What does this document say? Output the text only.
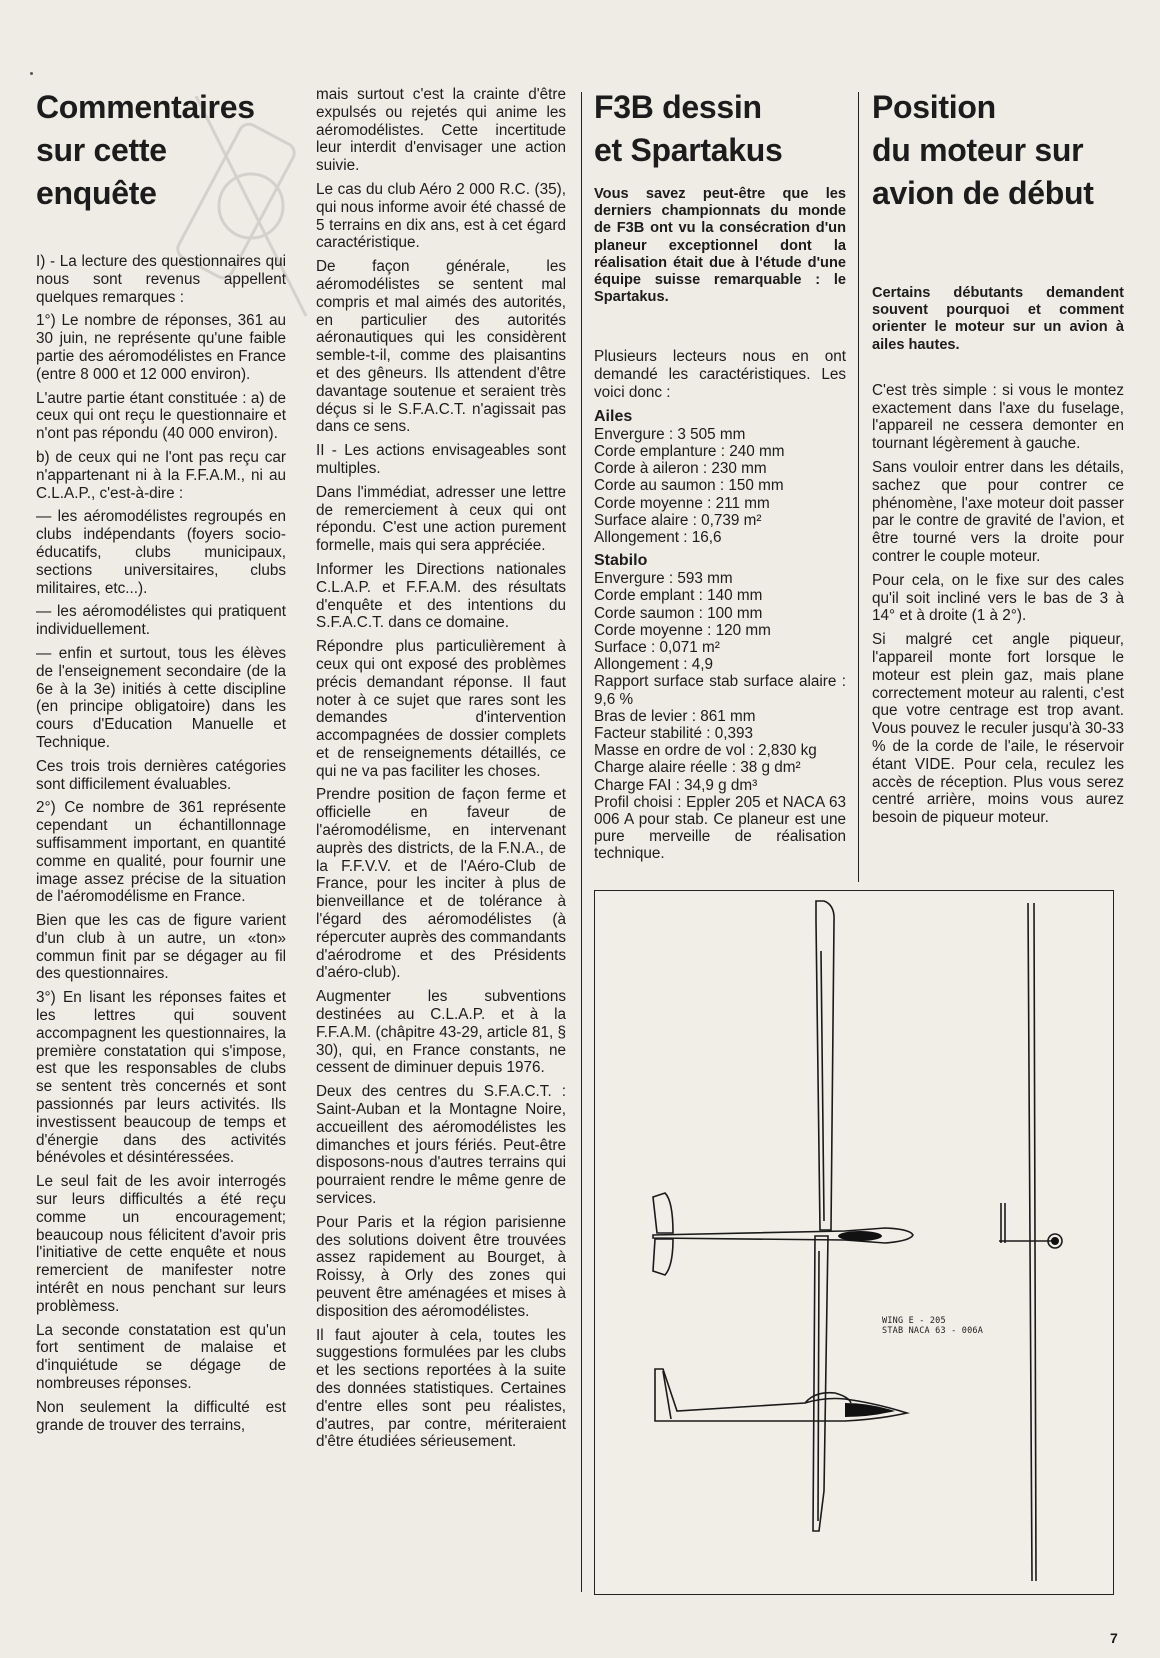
Commentaires
sur cette
enquête

I) - La lecture des questionnaires qui nous sont revenus appellent quelques remarques :

1°) Le nombre de réponses, 361 au 30 juin, ne représente qu'une faible partie des aéromodélistes en France (entre 8 000 et 12 000 environ).

L'autre partie étant constituée : a) de ceux qui ont reçu le questionnaire et n'ont pas répondu (40 000 environ).

b) de ceux qui ne l'ont pas reçu car n'appartenant ni à la F.F.A.M., ni au C.L.A.P., c'est-à-dire :

— les aéromodélistes regroupés en clubs indépendants (foyers socio-éducatifs, clubs municipaux, sections universitaires, clubs militaires, etc...).

— les aéromodélistes qui pratiquent individuellement.

— enfin et surtout, tous les élèves de l'enseignement secondaire (de la 6e à la 3e) initiés à cette discipline (en principe obligatoire) dans les cours d'Education Manuelle et Technique.

Ces trois trois dernières catégories sont difficilement évaluables.

2°) Ce nombre de 361 représente cependant un échantillonnage suffisamment important, en quantité comme en qualité, pour fournir une image assez précise de la situation de l'aéromodélisme en France.

Bien que les cas de figure varient d'un club à un autre, un «ton» commun finit par se dégager au fil des questionnaires.

3°) En lisant les réponses faites et les lettres qui souvent accompagnent les questionnaires, la première constatation qui s'impose, est que les responsables de clubs se sentent très concernés et sont passionnés par leurs activités. Ils investissent beaucoup de temps et d'énergie dans des activités bénévoles et désintéressées.

Le seul fait de les avoir interrogés sur leurs difficultés a été reçu comme un encouragement; beaucoup nous félicitent d'avoir pris l'initiative de cette enquête et nous remercient de manifester notre intérêt en nous penchant sur leurs problèmess.

La seconde constatation est qu'un fort sentiment de malaise et d'inquiétude se dégage de nombreuses réponses.

Non seulement la difficulté est grande de trouver des terrains,

mais surtout c'est la crainte d'être expulsés ou rejetés qui anime les aéromodélistes. Cette incertitude leur interdit d'envisager une action suivie.

Le cas du club Aéro 2 000 R.C. (35), qui nous informe avoir été chassé de 5 terrains en dix ans, est à cet égard caractéristique.

De façon générale, les aéromodélistes se sentent mal compris et mal aimés des autorités, en particulier des autorités aéronautiques qui les considèrent semble-t-il, comme des plaisantins et des gêneurs. Ils attendent d'être davantage soutenue et seraient très déçus si le S.F.A.C.T. n'agissait pas dans ce sens.

II - Les actions envisageables sont multiples.

Dans l'immédiat, adresser une lettre de remerciement à ceux qui ont répondu. C'est une action purement formelle, mais qui sera appréciée.

Informer les Directions nationales C.L.A.P. et F.F.A.M. des résultats d'enquête et des intentions du S.F.A.C.T. dans ce domaine.

Répondre plus particulièrement à ceux qui ont exposé des problèmes précis demandant réponse. Il faut noter à ce sujet que rares sont les demandes d'intervention accompagnées de dossier complets et de renseignements détaillés, ce qui ne va pas faciliter les choses.

Prendre position de façon ferme et officielle en faveur de l'aéromodélisme, en intervenant auprès des districts, de la F.N.A., de la F.F.V.V. et de l'Aéro-Club de France, pour les inciter à plus de bienveillance et de tolérance à l'égard des aéromodélistes (à répercuter auprès des commandants d'aérodrome et des Présidents d'aéro-club).

Augmenter les subventions destinées au C.L.A.P. et à la F.F.A.M. (châpitre 43-29, article 81, § 30), qui, en France constants, ne cessent de diminuer depuis 1976.

Deux des centres du S.F.A.C.T. : Saint-Auban et la Montagne Noire, accueillent des aéromodélistes les dimanches et jours fériés. Peut-être disposons-nous d'autres terrains qui pourraient rendre le même genre de services.

Pour Paris et la région parisienne des solutions doivent être trouvées assez rapidement au Bourget, à Roissy, à Orly des zones qui peuvent être aménagées et mises à disposition des aéromodélistes.

Il faut ajouter à cela, toutes les suggestions formulées par les clubs et les sections reportées à la suite des données statistiques. Certaines d'entre elles sont peu réalistes, d'autres, par contre, mériteraient d'être étudiées sérieusement.

F3B dessin
et Spartakus

Vous savez peut-être que les derniers championnats du monde de F3B ont vu la consécration d'un planeur exceptionnel dont la réalisation était due à l'étude d'une équipe suisse remarquable : le Spartakus.

Plusieurs lecteurs nous en ont demandé les caractéristiques. Les voici donc :

Ailes

Envergure : 3 505 mm

Corde emplanture : 240 mm

Corde à aileron : 230 mm

Corde au saumon : 150 mm

Corde moyenne : 211 mm

Surface alaire : 0,739 m²

Allongement : 16,6

Stabilo

Envergure : 593 mm

Corde emplant : 140 mm

Corde saumon : 100 mm

Corde moyenne : 120 mm

Surface : 0,071 m²

Allongement : 4,9

Rapport surface stab surface alaire : 9,6 %

Bras de levier : 861 mm

Facteur stabilité : 0,393

Masse en ordre de vol : 2,830 kg

Charge alaire réelle : 38 g dm²

Charge FAI : 34,9 g dm³

Profil choisi : Eppler 205 et NACA 63 006 A pour stab. Ce planeur est une pure merveille de réalisation technique.

Position
du moteur sur
avion de début

Certains débutants demandent souvent pourquoi et comment orienter le moteur sur un avion à ailes hautes.

C'est très simple : si vous le montez exactement dans l'axe du fuselage, l'appareil ne cessera demonter en tournant légèrement à gauche.

Sans vouloir entrer dans les détails, sachez que pour contrer ce phénomène, l'axe moteur doit passer par le contre de gravité de l'avion, et être tourné vers la droite pour contrer le couple moteur.

Pour cela, on le fixe sur des cales qu'il soit incliné vers le bas de 3 à 14° et à droite (1 à 2°).

Si malgré cet angle piqueur, l'appareil monte fort lorsque le moteur est plein gaz, mais plane correctement moteur au ralenti, c'est que votre centrage est trop avant. Vous pouvez le reculer jusqu'à 30-33 % de la corde de l'aile, le réservoir étant VIDE. Pour cela, reculez les accès de réception. Plus vous serez centré arrière, moins vous aurez besoin de piqueur moteur.

WING E - 205
STAB NACA 63 - 006A
7
